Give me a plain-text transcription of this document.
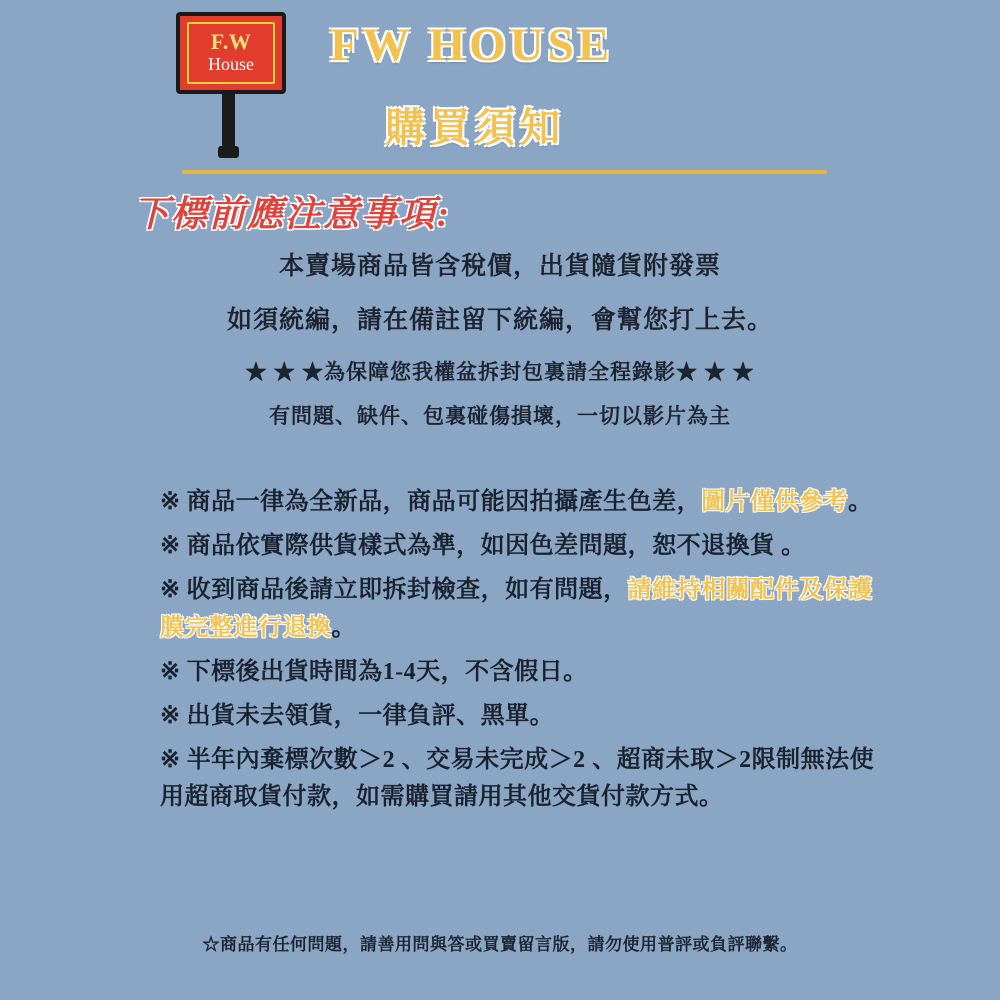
F.W
House FW HOUSE
購買須知
下標前應注意事項:
本賣場商品皆含稅價，出貨隨貨附發票
如須統編，請在備註留下統編，會幫您打上去。
★ ★ ★為保障您我權盆拆封包裏請全程錄影★ ★ ★
有問題、缺件、包裏碰傷損壞，一切以影片為主
※ 商品一律為全新品，商品可能因拍攝產生色差，圖片僅供參考。
※ 商品依實際供貨樣式為準，如因色差問題，恕不退換貨 。
※ 收到商品後請立即拆封檢查，如有問題，請維持相關配件及保護膜完整進行退換。
※ 下標後出貨時間為1-4天，不含假日。
※ 出貨未去領貨，一律負評、黑單。
※ 半年內棄標次數＞2 、交易未完成＞2 、超商未取＞2限制無法使用超商取貨付款，如需購買請用其他交貨付款方式。
☆商品有任何問題，請善用問與答或買賣留言版，請勿使用普評或負評聯繫。
